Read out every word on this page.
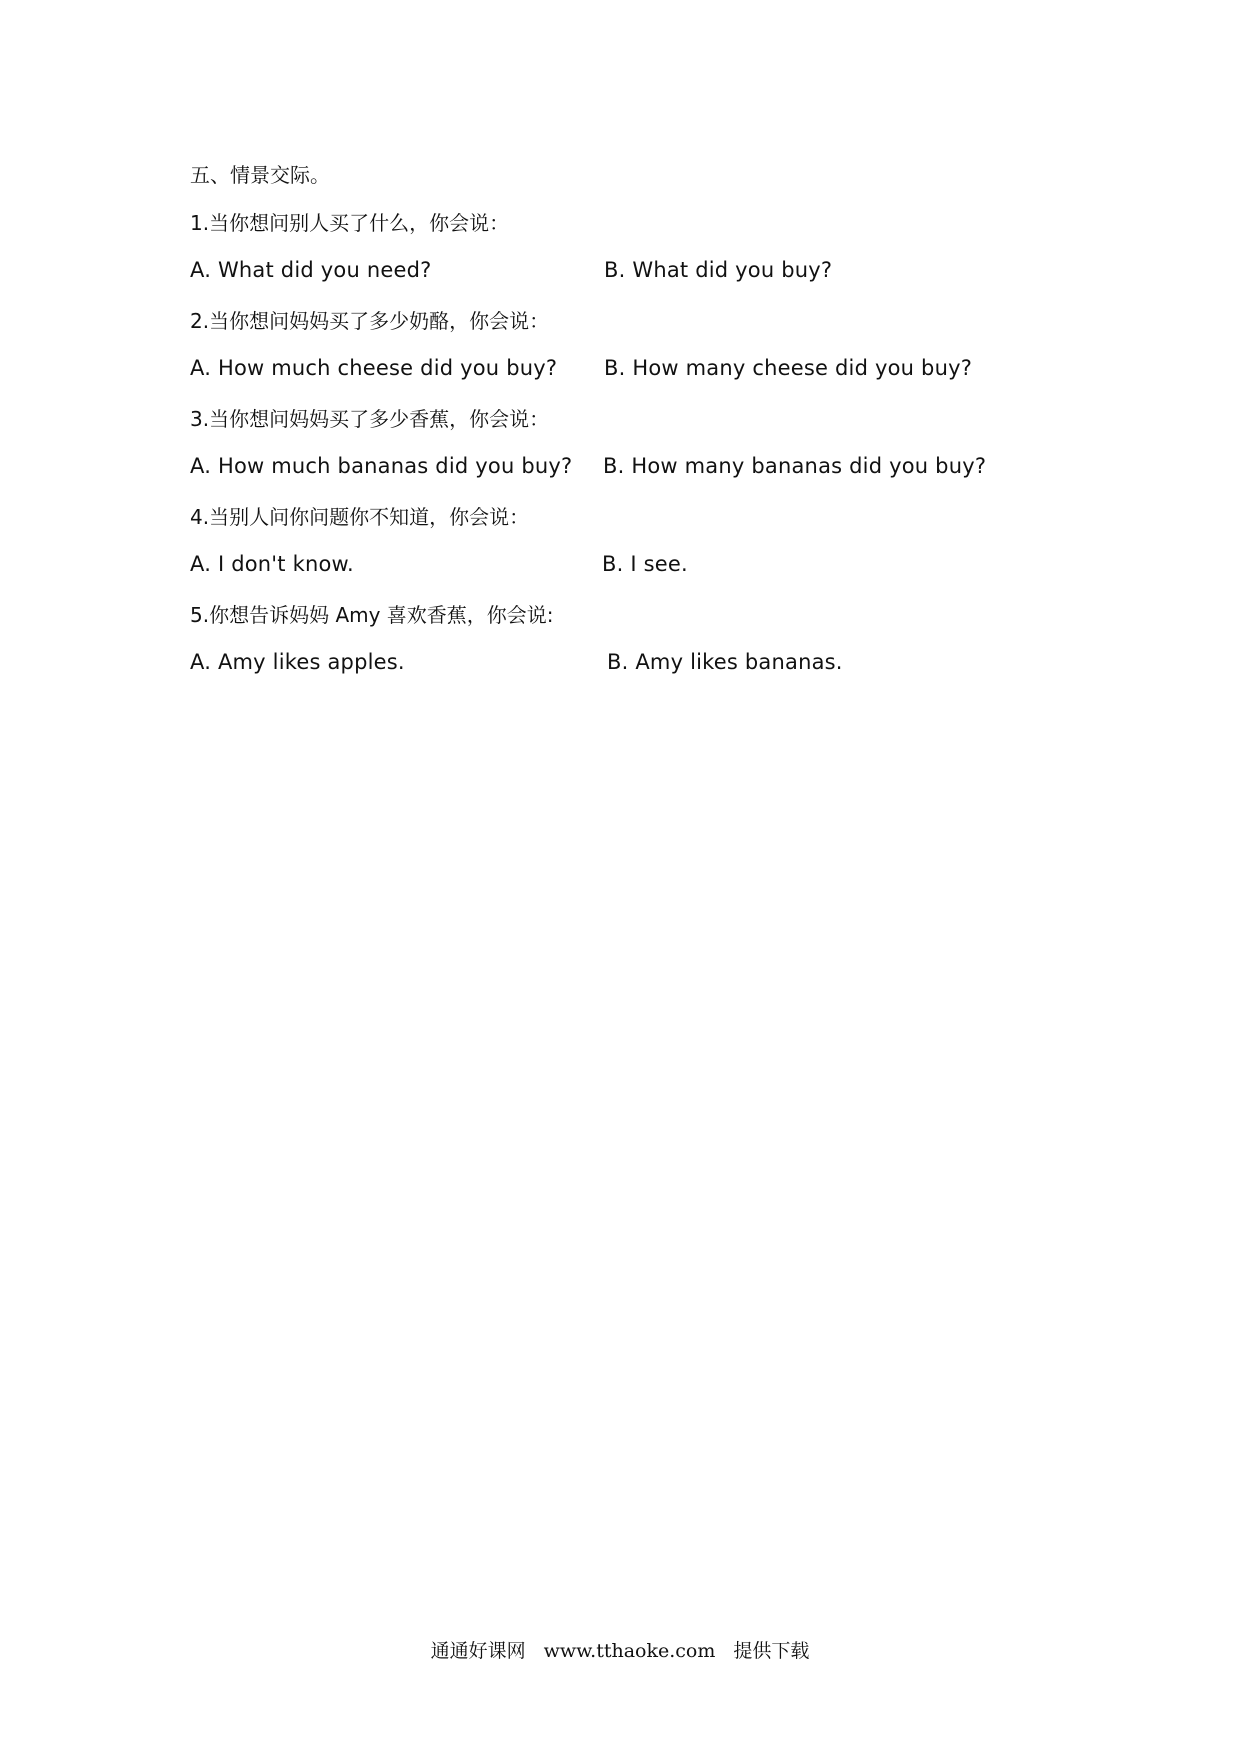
五、情景交际。
1.当你想问别人买了什么，你会说：
A. What did you need?	B. What did you buy?
2.当你想问妈妈买了多少奶酪，你会说：
A. How much cheese did you buy? B. How many cheese did you buy?
3.当你想问妈妈买了多少香蕉，你会说：
A. How much bananas did you buy? B. How many bananas did you buy?
4.当别人问你问题你不知道，你会说：
A. I don't know.	B. I see.
5.你想告诉妈妈 Amy 喜欢香蕉，你会说:
A. Amy likes apples.	B. Amy likes bananas.
通通好课网 www.tthaoke.com 提供下载
